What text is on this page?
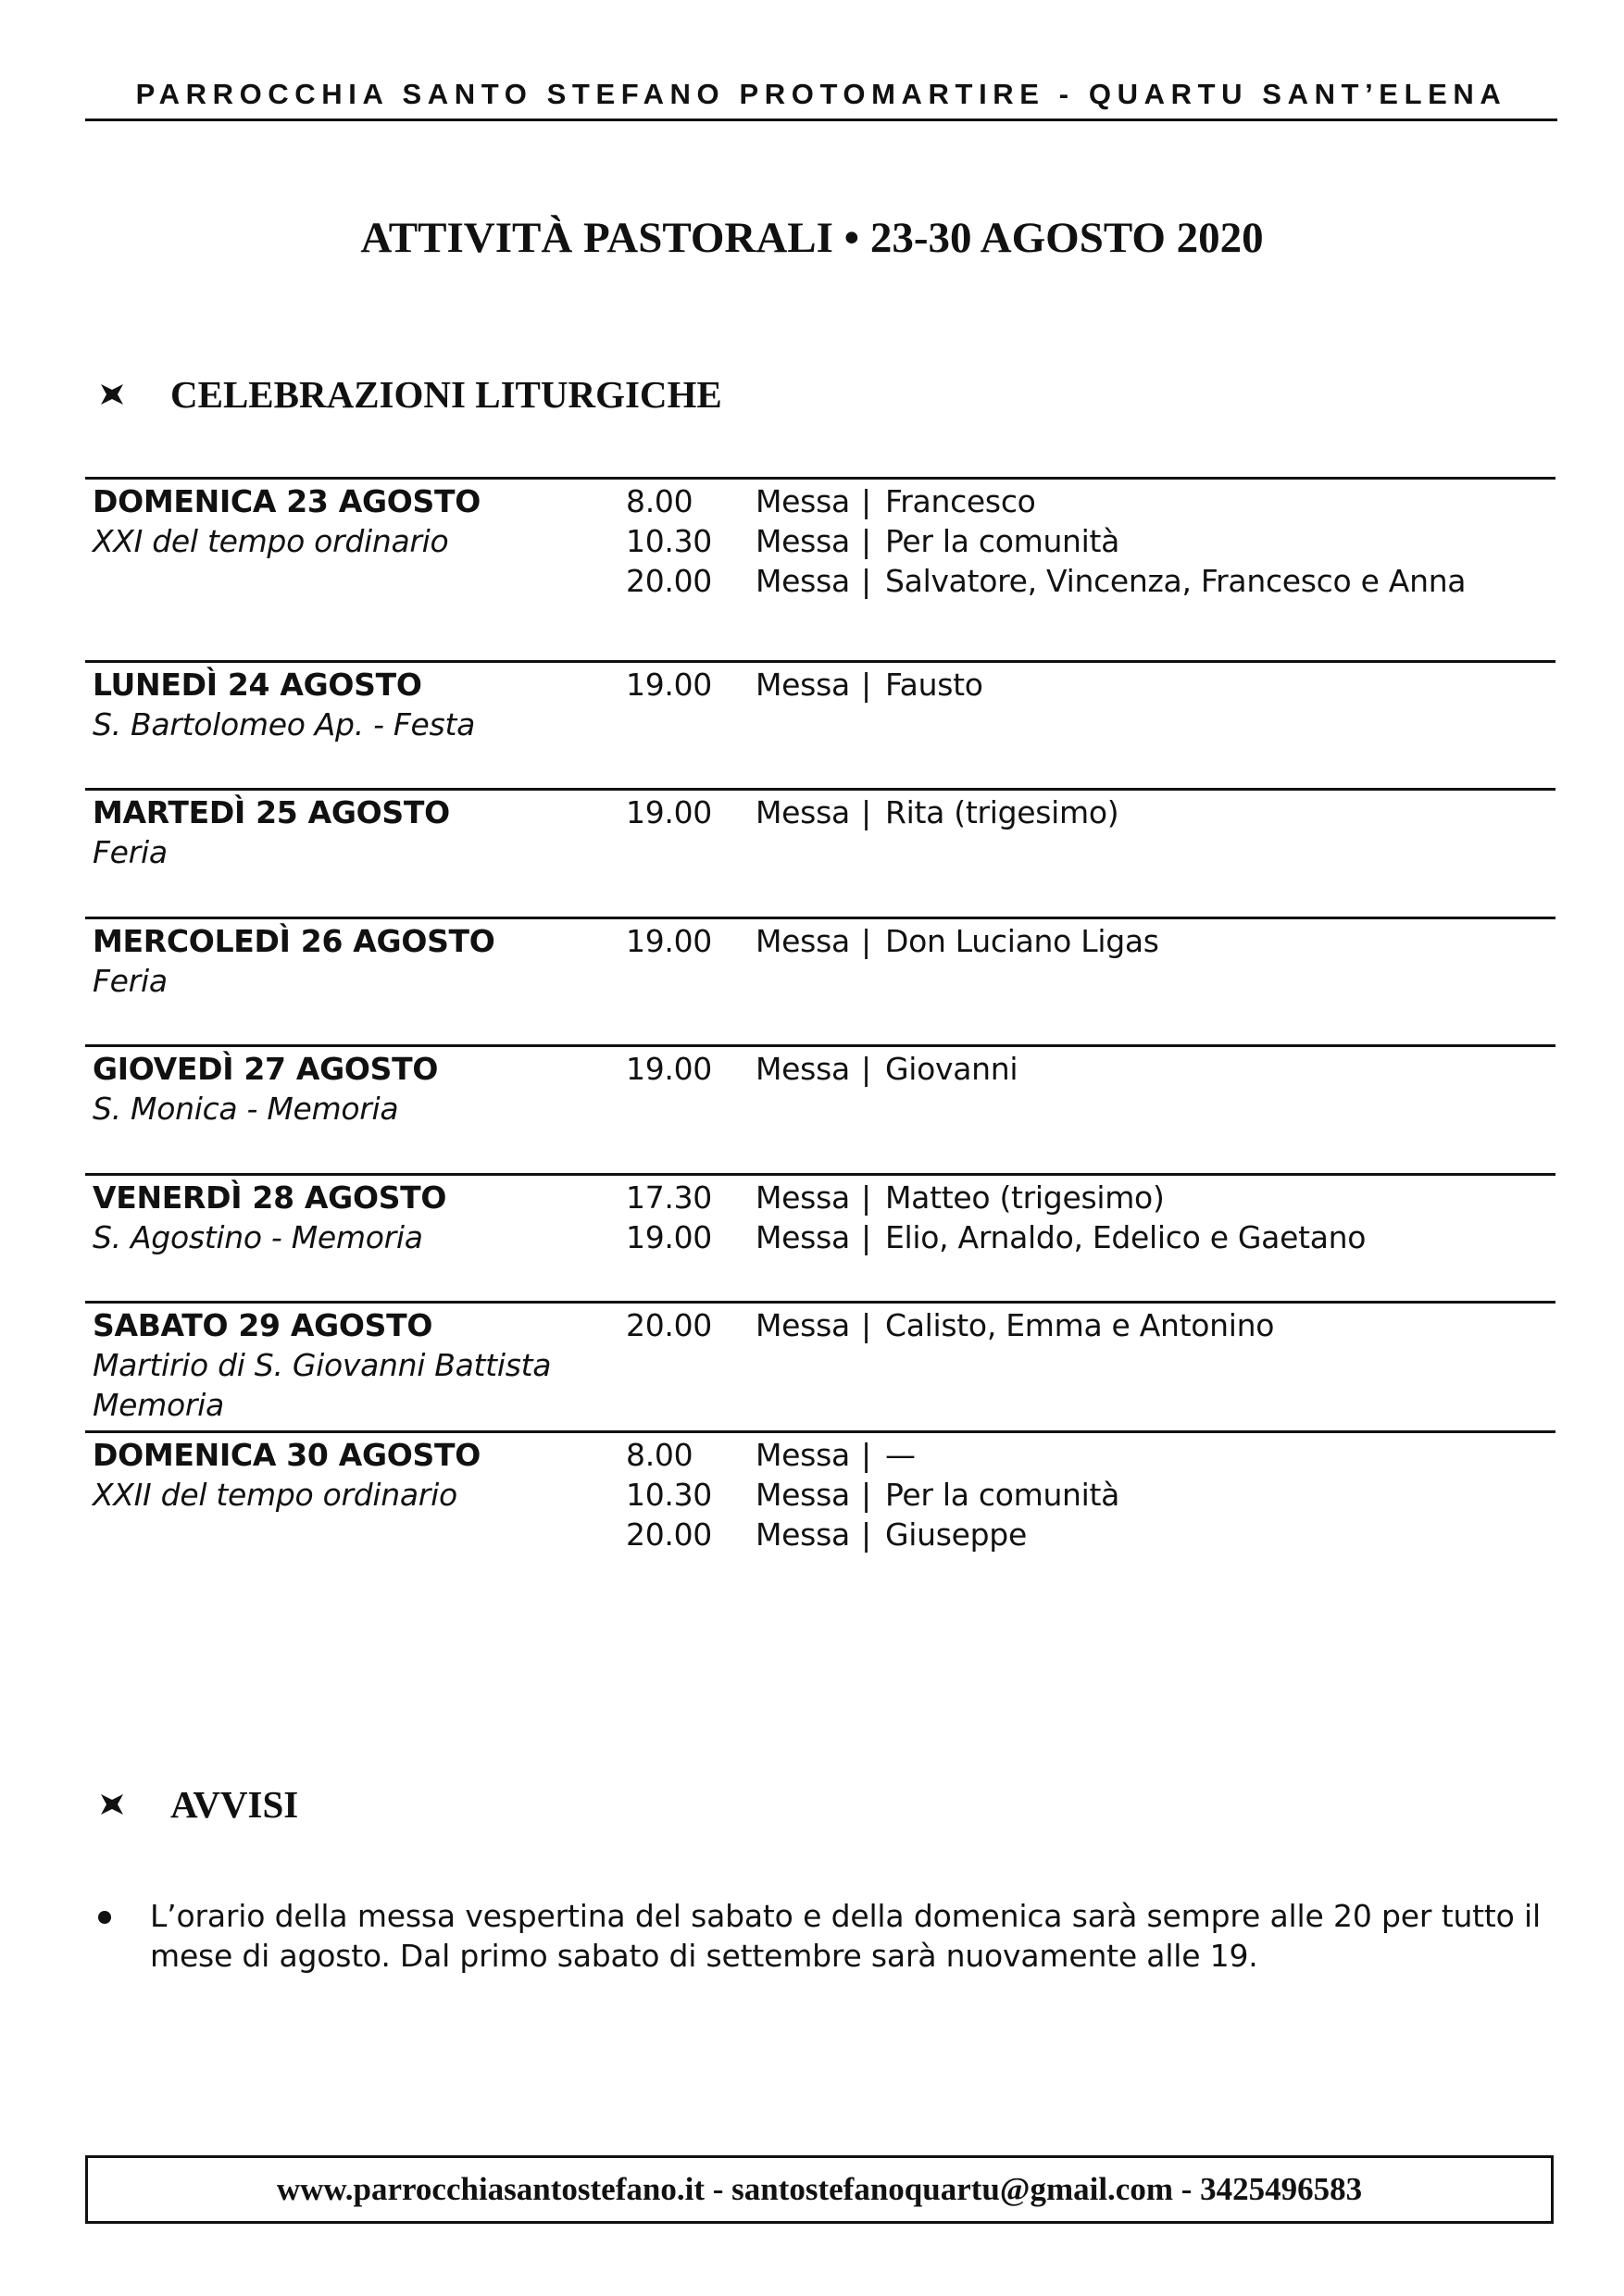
PARROCCHIA SANTO STEFANO PROTOMARTIRE - QUARTU SANT’ELENA
ATTIVITÀ PASTORALI • 23-30 AGOSTO 2020
CELEBRAZIONI LITURGICHE
DOMENICA 23 AGOSTO
XXI del tempo ordinario
8.00 Messa | Francesco
10.30 Messa | Per la comunità
20.00 Messa | Salvatore, Vincenza, Francesco e Anna
LUNEDÌ 24 AGOSTO
S. Bartolomeo Ap. - Festa
19.00 Messa | Fausto
MARTEDÌ 25 AGOSTO
Feria
19.00 Messa | Rita (trigesimo)
MERCOLEDÌ 26 AGOSTO
Feria
19.00 Messa | Don Luciano Ligas
GIOVEDÌ 27 AGOSTO
S. Monica - Memoria
19.00 Messa | Giovanni
VENERDÌ 28 AGOSTO
S. Agostino - Memoria
17.30 Messa | Matteo (trigesimo)
19.00 Messa | Elio, Arnaldo, Edelico e Gaetano
SABATO 29 AGOSTO
Martirio di S. Giovanni Battista
Memoria
20.00 Messa | Calisto, Emma e Antonino
DOMENICA 30 AGOSTO
XXII del tempo ordinario
8.00 Messa | —
10.30 Messa | Per la comunità
20.00 Messa | Giuseppe
AVVISI
L’orario della messa vespertina del sabato e della domenica sarà sempre alle 20 per tutto il mese di agosto. Dal primo sabato di settembre sarà nuovamente alle 19.
www.parrocchiasantostefano.it - santostefanoquartu@gmail.com - 3425496583
